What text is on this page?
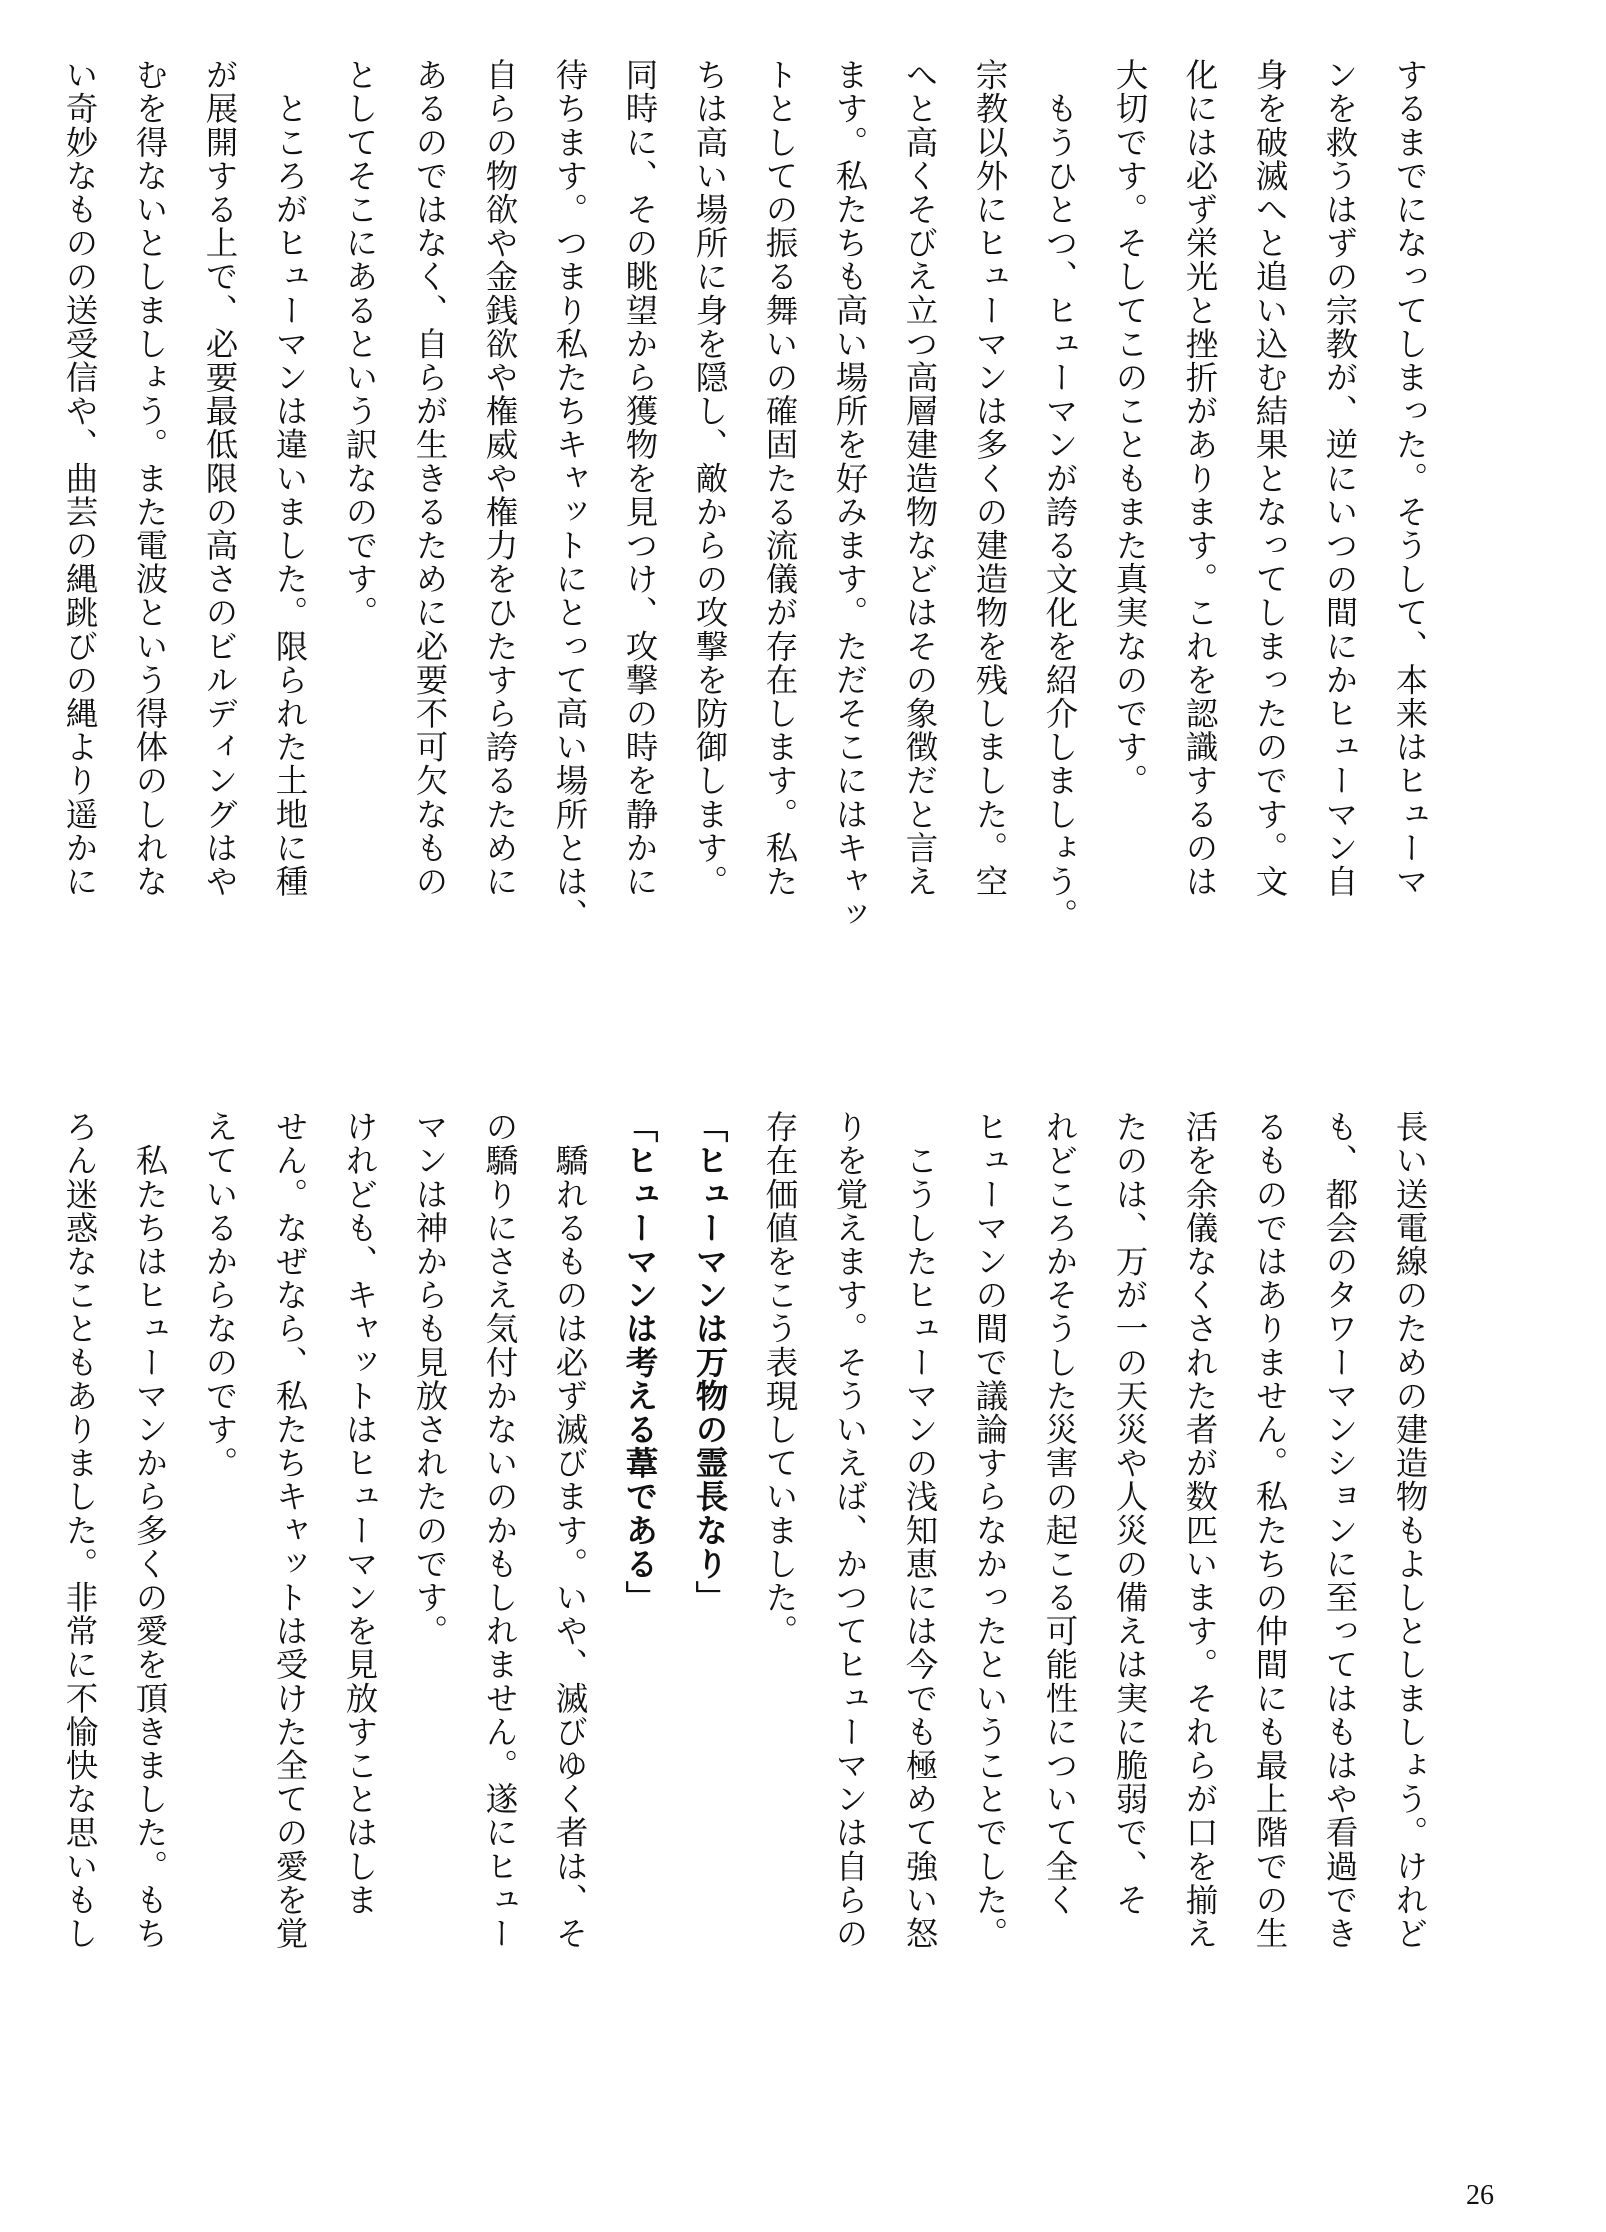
するまでになってしまった。そうして、本来はヒューマ
ンを救うはずの宗教が、逆にいつの間にかヒューマン自
身を破滅へと追い込む結果となってしまったのです。文
化には必ず栄光と挫折があります。これを認識するのは
大切です。そしてこのこともまた真実なのです。
　もうひとつ、ヒューマンが誇る文化を紹介しましょう。
宗教以外にヒューマンは多くの建造物を残しました。空
へと高くそびえ立つ高層建造物などはその象徴だと言え
ます。私たちも高い場所を好みます。ただそこにはキャッ
トとしての振る舞いの確固たる流儀が存在します。私た
ちは高い場所に身を隠し、敵からの攻撃を防御します。
同時に、その眺望から獲物を見つけ、攻撃の時を静かに
待ちます。つまり私たちキャットにとって高い場所とは、
自らの物欲や金銭欲や権威や権力をひたすら誇るために
あるのではなく、自らが生きるために必要不可欠なもの
としてそこにあるという訳なのです。
　ところがヒューマンは違いました。限られた土地に種
が展開する上で、必要最低限の高さのビルディングはや
むを得ないとしましょう。また電波という得体のしれな
い奇妙なものの送受信や、曲芸の縄跳びの縄より遥かに
長い送電線のための建造物もよしとしましょう。けれど
も、都会のタワーマンションに至ってはもはや看過でき
るものではありません。私たちの仲間にも最上階での生
活を余儀なくされた者が数匹います。それらが口を揃え
たのは、万が一の天災や人災の備えは実に脆弱で、そ
れどころかそうした災害の起こる可能性について全く
ヒューマンの間で議論すらなかったということでした。
　こうしたヒューマンの浅知恵には今でも極めて強い怒
りを覚えます。そういえば、かつてヒューマンは自らの
存在価値をこう表現していました。
「ヒューマンは万物の霊長なり」
「ヒューマンは考える葦である」
　驕れるものは必ず滅びます。いや、滅びゆく者は、そ
の驕りにさえ気付かないのかもしれません。遂にヒュー
マンは神からも見放されたのです。
けれども、キャットはヒューマンを見放すことはしま
せん。なぜなら、私たちキャットは受けた全ての愛を覚
えているからなのです。
　私たちはヒューマンから多くの愛を頂きました。もち
ろん迷惑なこともありました。非常に不愉快な思いもし
26
